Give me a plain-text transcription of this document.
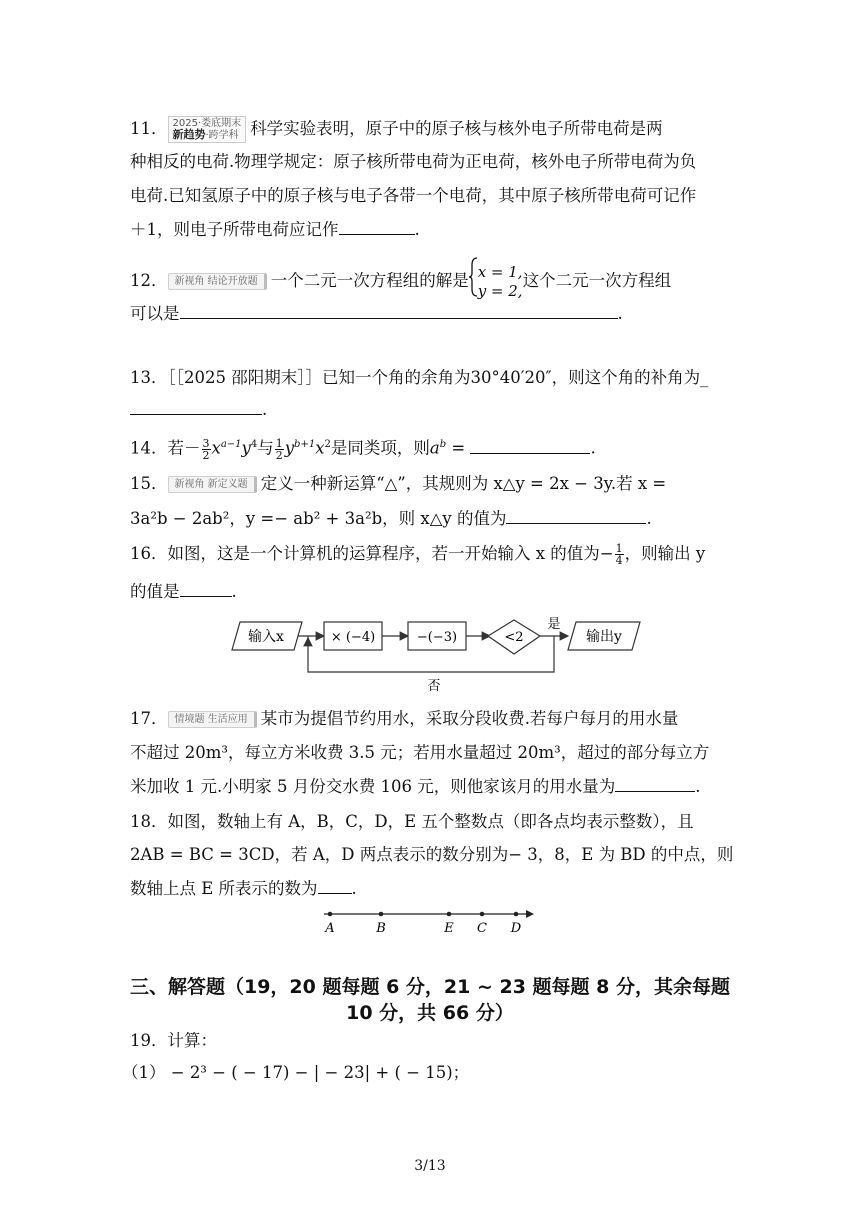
11． 2025·娄底期末
新趋势·跨学科 科学实验表明，原子中的原子核与核外电子所带电荷是两
种相反的电荷.物理学规定：原子核所带电荷为正电荷，核外电子所带电荷为负
电荷.已知氢原子中的原子核与电子各带一个电荷，其中原子核所带电荷可记作
＋1，则电子所带电荷应记作	.
12． 新视角 结论开放题 一个二元一次方程组的解是 x = 1,
y = 2,这个二元一次方程组
可以是	.
13．［［2025 邵阳期末］］已知一个角的余角为30°40′20″，则这个角的补角为_
.
14．若－ $\frac{3}{2} x^{a-1}y^4$与 $\frac{1}{2} y^{b+1}x^2$是同类项，则$a^b$ =	.
15． 新视角 新定义题 定义一种新运算“△”，其规则为 x△y = 2x − 3y.若 x =
3a²b − 2ab²，y =− ab² + 3a²b，则 x△y 的值为	.
16．如图，这是一个计算机的运算程序，若一开始输入 x 的值为− $\frac{1}{4}$ ，则输出 y
的值是	.
输入x	× (−4)	−(−3)	<2
是
输出y
否
17． 情境题 生活应用 某市为提倡节约用水，采取分段收费.若每户每月的用水量
不超过 20m³，每立方米收费 3.5 元；若用水量超过 20m³，超过的部分每立方
米加收 1 元.小明家 5 月份交水费 106 元，则他家该月的用水量为	.
18．如图，数轴上有 A，B，C，D，E 五个整数点（即各点均表示整数），且
2AB = BC = 3CD，若 A，D 两点表示的数分别为− 3，8，E 为 BD 的中点，则
数轴上点 E 所表示的数为 .
A	B	E C D
三、解答题（19，20 题每题 6 分，21 ~ 23 题每题 8 分，其余每题
10 分，共 66 分）
19．计算：
（1） − 2³ − ( − 17) − | − 23| + ( − 15)；
3/13
